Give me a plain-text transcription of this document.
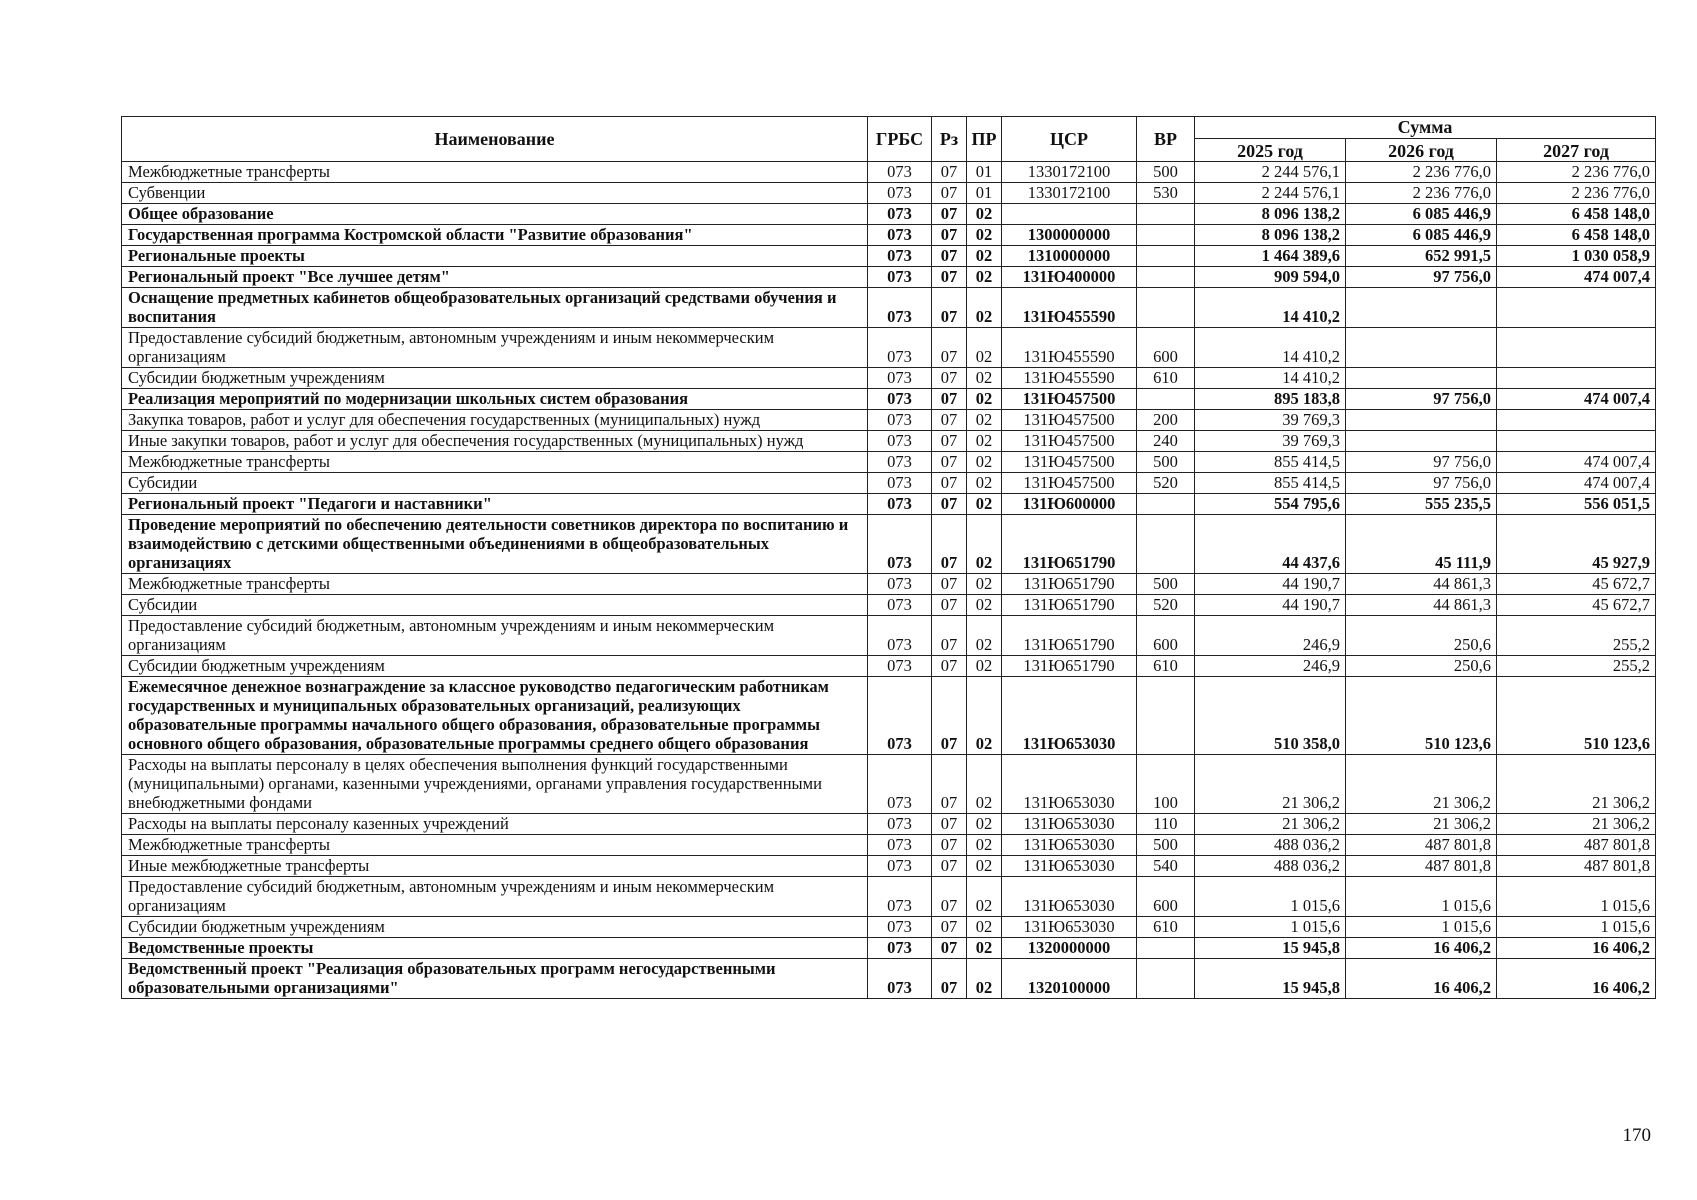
Наименование	ГРБС	Рз	ПР	ЦСР	ВР	Сумма		
						2025 год	2026 год	2027 год
Межбюджетные трансферты	073	07	01	1330172100	500	2 244 576,1	2 236 776,0	2 236 776,0
Субвенции	073	07	01	1330172100	530	2 244 576,1	2 236 776,0	2 236 776,0
Общее образование	073	07	02			8 096 138,2	6 085 446,9	6 458 148,0
Государственная программа Костромской области "Развитие образования"	073	07	02	1300000000		8 096 138,2	6 085 446,9	6 458 148,0
Региональные проекты	073	07	02	1310000000		1 464 389,6	652 991,5	1 030 058,9
Региональный проект "Все лучшее детям"	073	07	02	131Ю400000		909 594,0	97 756,0	474 007,4
Оснащение предметных кабинетов общеобразовательных организаций средствами обучения и воспитания	073	07	02	131Ю455590		14 410,2		
Предоставление субсидий бюджетным, автономным учреждениям и иным некоммерческим организациям	073	07	02	131Ю455590	600	14 410,2		
Субсидии бюджетным учреждениям	073	07	02	131Ю455590	610	14 410,2		
Реализация мероприятий по модернизации школьных систем образования	073	07	02	131Ю457500		895 183,8	97 756,0	474 007,4
Закупка товаров, работ и услуг для обеспечения государственных (муниципальных) нужд	073	07	02	131Ю457500	200	39 769,3		
Иные закупки товаров, работ и услуг для обеспечения государственных (муниципальных) нужд	073	07	02	131Ю457500	240	39 769,3		
Межбюджетные трансферты	073	07	02	131Ю457500	500	855 414,5	97 756,0	474 007,4
Субсидии	073	07	02	131Ю457500	520	855 414,5	97 756,0	474 007,4
Региональный проект "Педагоги и наставники"	073	07	02	131Ю600000		554 795,6	555 235,5	556 051,5
Проведение мероприятий по обеспечению деятельности советников директора по воспитанию и взаимодействию с детскими общественными объединениями в общеобразовательных организациях	073	07	02	131Ю651790		44 437,6	45 111,9	45 927,9
Межбюджетные трансферты	073	07	02	131Ю651790	500	44 190,7	44 861,3	45 672,7
Субсидии	073	07	02	131Ю651790	520	44 190,7	44 861,3	45 672,7
Предоставление субсидий бюджетным, автономным учреждениям и иным некоммерческим организациям	073	07	02	131Ю651790	600	246,9	250,6	255,2
Субсидии бюджетным учреждениям	073	07	02	131Ю651790	610	246,9	250,6	255,2
Ежемесячное денежное вознаграждение за классное руководство педагогическим работникам государственных и муниципальных образовательных организаций, реализующих образовательные программы начального общего образования, образовательные программы основного общего образования, образовательные программы среднего общего образования	073	07	02	131Ю653030		510 358,0	510 123,6	510 123,6
Расходы на выплаты персоналу в целях обеспечения выполнения функций государственными (муниципальными) органами, казенными учреждениями, органами управления государственными внебюджетными фондами	073	07	02	131Ю653030	100	21 306,2	21 306,2	21 306,2
Расходы на выплаты персоналу казенных учреждений	073	07	02	131Ю653030	110	21 306,2	21 306,2	21 306,2
Межбюджетные трансферты	073	07	02	131Ю653030	500	488 036,2	487 801,8	487 801,8
Иные межбюджетные трансферты	073	07	02	131Ю653030	540	488 036,2	487 801,8	487 801,8
Предоставление субсидий бюджетным, автономным учреждениям и иным некоммерческим организациям	073	07	02	131Ю653030	600	1 015,6	1 015,6	1 015,6
Субсидии бюджетным учреждениям	073	07	02	131Ю653030	610	1 015,6	1 015,6	1 015,6
Ведомственные проекты	073	07	02	1320000000		15 945,8	16 406,2	16 406,2
Ведомственный проект "Реализация образовательных программ негосударственными образовательными организациями"	073	07	02	1320100000		15 945,8	16 406,2	16 406,2
170
